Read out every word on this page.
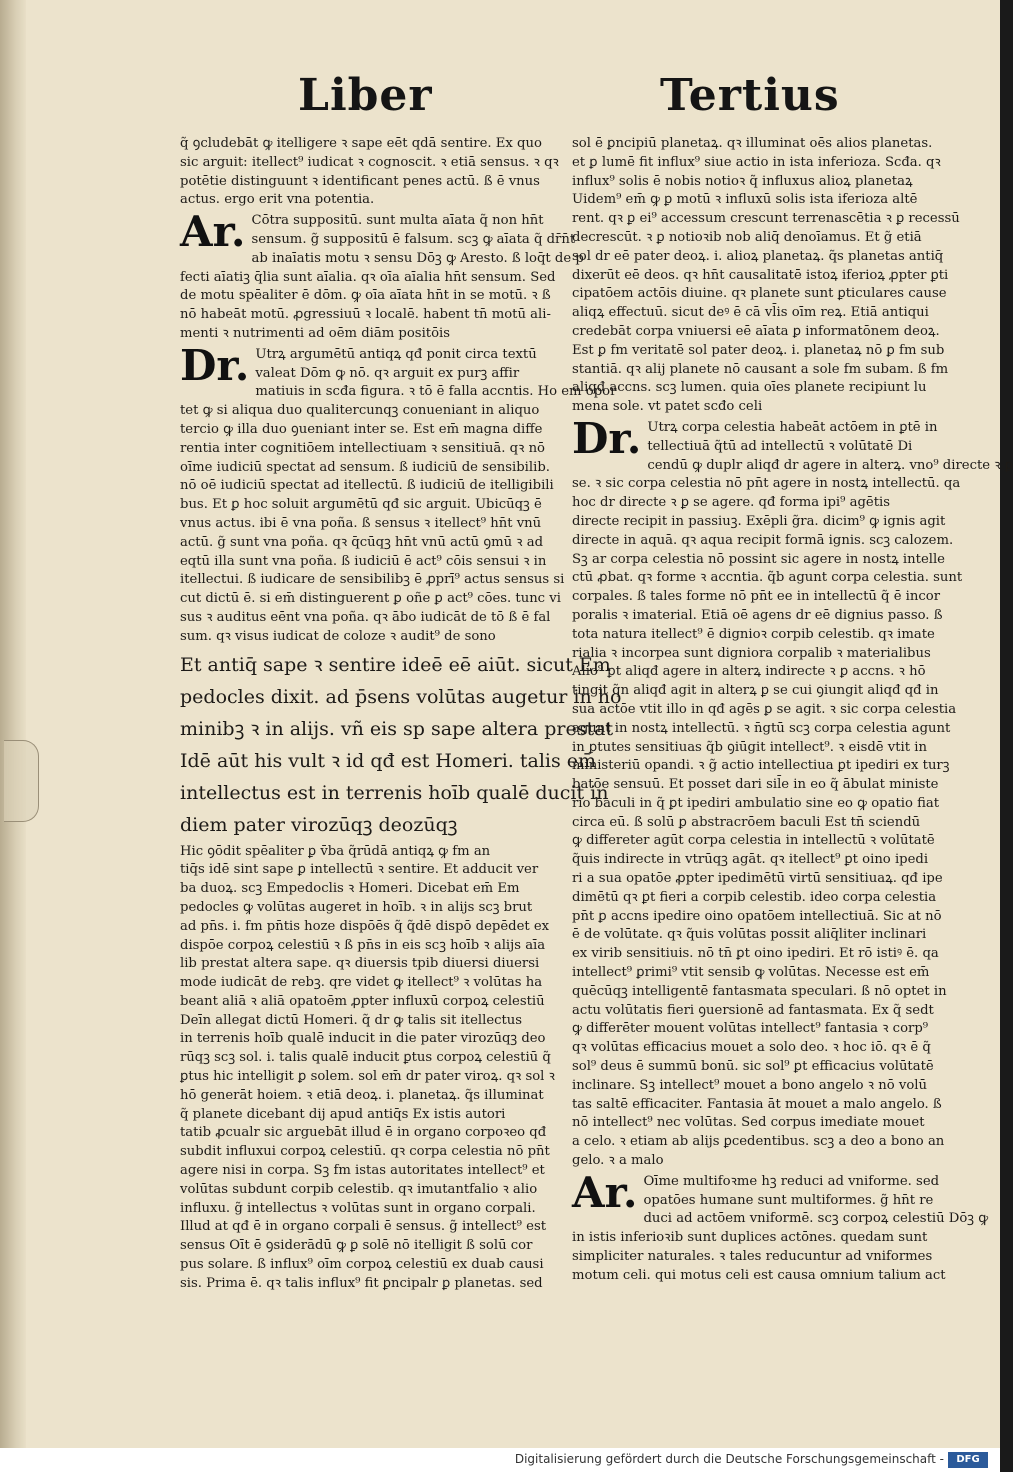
Liber	Tertius
q̃ ꝯcludebāt ꝙ itelligere ꝛ sape eēt qdā sentire. Ex quo
sic arguit: itellect⁹ iudicat ꝛ cognoscit. ꝛ etiā sensus. ꝛ qꝛ
potētie distinguunt ꝛ identificant penes actū. ß ē vnus
actus. ergo erit vna potentia.
Ar. Cōtra suppositū. sunt multa aīata q̃ non hn̄t
sensum. g̃ suppositū ē falsum. scꝫ ꝙ aīata q̃ dr̄n̄t
ab inaīatis motu ꝛ sensu Dōꝫ ꝙ Aresto. ß loq̄t de p
fecti aīatiꝫ q̄lia sunt aīalia. qꝛ oīa aīalia hn̄t sensum. Sed
de motu spēaliter ē dōm. ꝙ oīa aīata hn̄t in se motū. ꝛ ß
nō habeāt motū. ꝓgressiuū ꝛ localē. habent tn̄ motū ali-
menti ꝛ nutrimenti ad oēm diām positōis
Dr. Utrꝝ argumētū antiqꝝ qđ ponit circa textū
valeat Dōm ꝙ nō. qꝛ arguit ex purꝫ affir
matiuis in scđa figura. ꝛ tō ē falla accntis. Ho em opor
tet ꝙ si aliqua duo qualitercunqꝫ conueniant in aliquo
tercio ꝙ illa duo ꝯueniant inter se. Est em̄ magna diffe
rentia inter cognitiōem intellectiuam ꝛ sensitiuā. qꝛ nō
oīme iudiciū spectat ad sensum. ß iudiciū de sensibilib.
nō oē iudiciū spectat ad itellectū. ß iudiciū de itelligibili
bus. Et ꝑ hoc soluit argumētū qđ sic arguit. Ubicūqꝫ ē
vnus actus. ibi ē vna poña. ß sensus ꝛ itellect⁹ hn̄t vnū
actū. g̃ sunt vna poña. qꝛ q̄cūqꝫ hn̄t vnū actū ꝯmū ꝛ ad
eqtū illa sunt vna poña. ß iudiciū ē act⁹ cōis sensui ꝛ in
itellectui. ß iudicare de sensibilibꝫ ē ꝓprī⁹ actus sensus si
cut dictū ē. si em̄ distinguerent ꝑ oñe ꝑ act⁹ cōes. tunc vi
sus ꝛ auditus eēnt vna poña. qꝛ ābo iudicāt de tō ß ē fal
sum. qꝛ visus iudicat de coloze ꝛ audit⁹ de sono
Et antiq̄ sape ꝛ sentire ideē eē aiūt. sicut Em
pedocles dixit. ad p̄sens volūtas augetur in ho
minibꝫ ꝛ in alijs. vñ eis sp sape altera prestat
Idē aūt his vult ꝛ id qđ est Homeri. talis em̄
intellectus est in terrenis hoīb qualē ducit in
diem pater virozūqꝫ deozūqꝫ
Hic ꝯōdit spēaliter ꝑ v̄ba q̃rūdā antiqꝝ ꝙ fm an
tiq̄s idē sint sape ꝑ intellectū ꝛ sentire. Et adducit ver
ba duoꝝ. scꝫ Empedoclis ꝛ Homeri. Dicebat em̄ Em
pedocles ꝙ volūtas augeret in hoīb. ꝛ in alijs scꝫ brut
ad pn̄s. i. fm pn̄tis hoze dispōēs q̃ q̃dē dispō depēdet ex
dispōe corpoꝝ celestiū ꝛ ß pn̄s in eis scꝫ hoīb ꝛ alijs aīa
lib prestat altera sape. qꝛ diuersis tpib diuersi diuersi
mode iudicāt de rebꝫ. qre videt ꝙ itellect⁹ ꝛ volūtas ha
beant aliā ꝛ aliā opatoēm ꝓpter influxū corpoꝝ celestiū
Deīn allegat dictū Homeri. q̃ dr ꝙ talis sit itellectus
in terrenis hoīb qualē inducit in die pater virozūqꝫ deo
rūqꝫ scꝫ sol. i. talis qualē inducit ꝑtus corpoꝝ celestiū q̃
ꝑtus hic intelligit ꝑ solem. sol em̄ dr pater viroꝝ. qꝛ sol ꝛ
hō generāt hoiem. ꝛ etiā deoꝝ. i. planetaꝝ. q̃s illuminat
q̃ planete dicebant dij apud antiq̄s Ex istis autori
tatib ꝓcualr sic arguebāt illud ē in organo corpoꝛeo qđ
subdit influxui corpoꝝ celestiū. qꝛ corpa celestia nō pn̄t
agere nisi in corpa. Sꝫ fm istas autoritates intellect⁹ et
volūtas subdunt corpib celestib. qꝛ imutantfalio ꝛ alio
influxu. g̃ intellectus ꝛ volūtas sunt in organo corpali.
Illud at qđ ē in organo corpali ē sensus. g̃ intellect⁹ est
sensus Oīt ē ꝯsiderādū ꝙ ꝑ solē nō itelligit ß solū cor
pus solare. ß influx⁹ oīm corpoꝝ celestiū ex duab causi
sis. Prima ē. qꝛ talis influx⁹ fit ꝑncipalr ꝑ planetas. sed
sol ē ꝑncipiū planetaꝝ. qꝛ illuminat oēs alios planetas.
et ꝑ lumē fit influx⁹ siue actio in ista inferioza. Scđa. qꝛ
influx⁹ solis ē nobis notioꝛ q̃ influxus alioꝝ planetaꝝ
Uidem⁹ em̄ ꝙ ꝑ motū ꝛ influxū solis ista iferioza altē
rent. qꝛ ꝑ ei⁹ accessum crescunt terrenascētia ꝛ ꝑ recessū
decrescūt. ꝛ ꝑ notioꝛib nob aliq̄ denoīamus. Et g̃ etiā
sol dr eē pater deoꝝ. i. alioꝝ planetaꝝ. q̃s planetas antiq̄
dixerūt eē deos. qꝛ hn̄t causalitatē istoꝝ iferioꝝ ꝓpter ꝑti
cipatōem actōis diuine. qꝛ planete sunt ꝑticulares cause
aliqꝝ effectuū. sicut deꝰ ē cā vl̄is oīm reꝝ. Etiā antiqui
credebāt corpa vniuersi eē aīata ꝑ informatōnem deoꝝ.
Est ꝑ fm veritatē sol pater deoꝝ. i. planetaꝝ nō ꝑ fm sub
stantiā. qꝛ alij planete nō causant a sole fm subam. ß fm
aliqđ accns. scꝫ lumen. quia oīes planete recipiunt lu
mena sole. vt patet scđo celi
Dr. Utrꝝ corpa celestia habeāt actōem in ꝑtē in
tellectiuā q̃tū ad intellectū ꝛ volūtatē Di
cendū ꝙ duplr aliqđ dr agere in alterꝝ. vno⁹ directe ꝛ ꝑ
se. ꝛ sic corpa celestia nō pn̄t agere in nostꝝ intellectū. qa
hoc dr directe ꝛ ꝑ se agere. qđ forma ipi⁹ agētis
directe recipit in passiuꝫ. Exēpli g̃ra. dicim⁹ ꝙ ignis agit
directe in aquā. qꝛ aqua recipit formā ignis. scꝫ calozem.
Sꝫ ar corpa celestia nō possint sic agere in nostꝝ intelle
ctū ꝓbat. qꝛ forme ꝛ accntia. q̃b agunt corpa celestia. sunt
corpales. ß tales forme nō pn̄t ee in intellectū q̃ ē incor
poralis ꝛ imaterial. Etiā oē agens dr eē dignius passo. ß
tota natura itellect⁹ ē dignioꝛ corpib celestib. qꝛ imate
rialia ꝛ incorpea sunt digniora corpalib ꝛ materialibus
Alio⁹ ꝑt aliqđ agere in alterꝝ indirecte ꝛ ꝑ accns. ꝛ hō
tingit q̃n aliqđ agit in alterꝝ ꝑ se cui ꝯiungit aliqđ qđ in
sua actōe vtit illo in qđ agēs ꝑ se agit. ꝛ sic corpa celestia
agunt in nostꝝ intellectū. ꝛ n̄gtū scꝫ corpa celestia agunt
in ꝑtutes sensitiuas q̃b ꝯiūgit intellect⁹. ꝛ eisdē vtit in
ministeriū opandi. ꝛ g̃ actio intellectiua ꝑt ipediri ex turꝫ
batōe sensuū. Et posset dari sil̄e in eo q̃ ābulat ministe
rio baculi in q̃ ꝑt ipediri ambulatio sine eo ꝙ opatio fiat
circa eū. ß solū ꝑ abstracrōem baculi Est tn̄ sciendū
ꝙ differeter agūt corpa celestia in intellectū ꝛ volūtatē
q̃uis indirecte in vtrūqꝫ agāt. qꝛ itellect⁹ ꝑt oino ipedi
ri a sua opatōe ꝓpter ipedimētū virtū sensitiuaꝝ. qđ ipe
dimētū qꝛ ꝑt fieri a corpib celestib. ideo corpa celestia
pn̄t ꝑ accns ipedire oino opatōem intellectiuā. Sic at nō
ē de volūtate. qꝛ q̃uis volūtas possit aliq̄liter inclinari
ex virib sensitiuis. nō tn̄ ꝑt oino ipediri. Et rō istiꝰ ē. qa
intellect⁹ ꝑrimi⁹ vtit sensib ꝙ volūtas. Necesse est em̄
quēcūqꝫ intelligentē fantasmata speculari. ß nō optet in
actu volūtatis fieri ꝯuersionē ad fantasmata. Ex q̃ sedt
ꝙ differēter mouent volūtas intellect⁹ fantasia ꝛ corp⁹
qꝛ volūtas efficacius mouet a solo deo. ꝛ hoc iō. qꝛ ē q̃
sol⁹ deus ē summū bonū. sic sol⁹ ꝑt efficacius volūtatē
inclinare. Sꝫ intellect⁹ mouet a bono angelo ꝛ nō volū
tas saltē efficaciter. Fantasia āt mouet a malo angelo. ß
nō intellect⁹ nec volūtas. Sed corpus imediate mouet
a celo. ꝛ etiam ab alijs ꝑcedentibus. scꝫ a deo a bono an
gelo. ꝛ a malo
Ar. Oīme multifoꝛme hꝫ reduci ad vniforme. sed
opatōes humane sunt multiformes. g̃ hn̄t re
duci ad actōem vniformē. scꝫ corpoꝝ celestiū Dōꝫ ꝙ
in istis inferioꝛib sunt duplices actōnes. quedam sunt
simpliciter naturales. ꝛ tales reducuntur ad vniformes
motum celi. qui motus celi est causa omnium talium act
Digitalisierung gefördert durch die Deutsche Forschungsgemeinschaft -	DFG
